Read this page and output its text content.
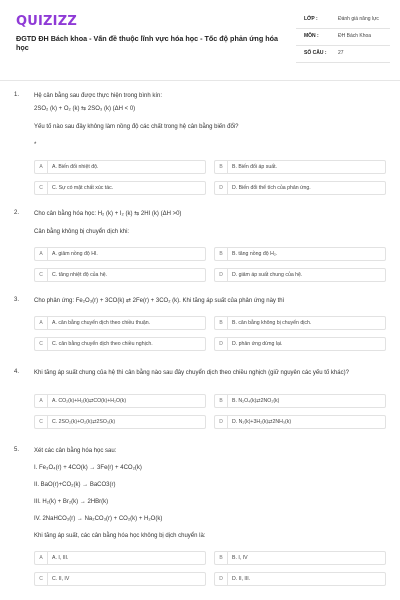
QUIZIZZ
ĐGTD ĐH Bách khoa - Vấn đề thuộc lĩnh vực hóa học - Tốc độ phản ứng hóa học
LỚP :	Đánh giá năng lực
MÔN :	ĐH Bách Khoa
SỐ CÂU : 27
1. Hệ cân bằng sau được thực hiện trong bình kín:
2SO₂ (k) + O₂ (k) ⇆ 2SO₃ (k) (ΔH < 0)
Yếu tố nào sau đây không làm nồng độ các chất trong hệ cân bằng biến đổi?
*
A	A. Biến đổi nhiệt độ.	B	B. Biến đổi áp suất.
C	C. Sự có mặt chất xúc tác.	D	D. Biến đổi thể tích của phản ứng.
2. Cho cân bằng hóa học: H₂ (k) + I₂ (k) ⇆ 2HI (k) (ΔH >0)
Cân bằng không bị chuyển dịch khi:
A	A. giảm nồng độ HI.	B	B. tăng nồng độ H₂.
C	C. tăng nhiệt độ của hệ.	D	D. giảm áp suất chung của hệ.
3. Cho phản ứng: Fe₂O₃(r) + 3CO(k) ⇄ 2Fe(r) + 3CO₂ (k). Khi tăng áp suất của phản ứng này thì
A	A. cân bằng chuyển dịch theo chiều thuận.	B	B. cân bằng không bị chuyển dịch.
C	C. cân bằng chuyển dịch theo chiều nghịch.	D	D. phản ứng dừng lại.
4. Khi tăng áp suất chung của hệ thì cân bằng nào sau đây chuyển dịch theo chiều nghịch (giữ nguyên các yếu tố khác)?
A	A. CO₂(k)+H₂(k)⇄CO(k)+H₂O(k)	B	B. N₂O₄(k)⇄2NO₂(k)
C	C. 2SO₂(k)+O₂(k)⇄2SO₃(k)	D	D. N₂(k)+3H₂(k)⇄2NH₃(k)
5. Xét các cân bằng hóa học sau:
I. Fe₃O₄(r) + 4CO(k) → 3Fe(r) + 4CO₂(k)
II. BaO(r)+CO₂(k) → BaCO3(r)
III. H₂(k) + Br₂(k) → 2HBr(k)
IV. 2NaHCO₃(r) → Na₂CO₃(r) + CO₂(k) + H₂O(k)
Khi tăng áp suất, các cân bằng hóa học không bị dịch chuyển là:
A	A. I, III.	B	B. I, IV
C	C. II, IV	D	D. II, III.
